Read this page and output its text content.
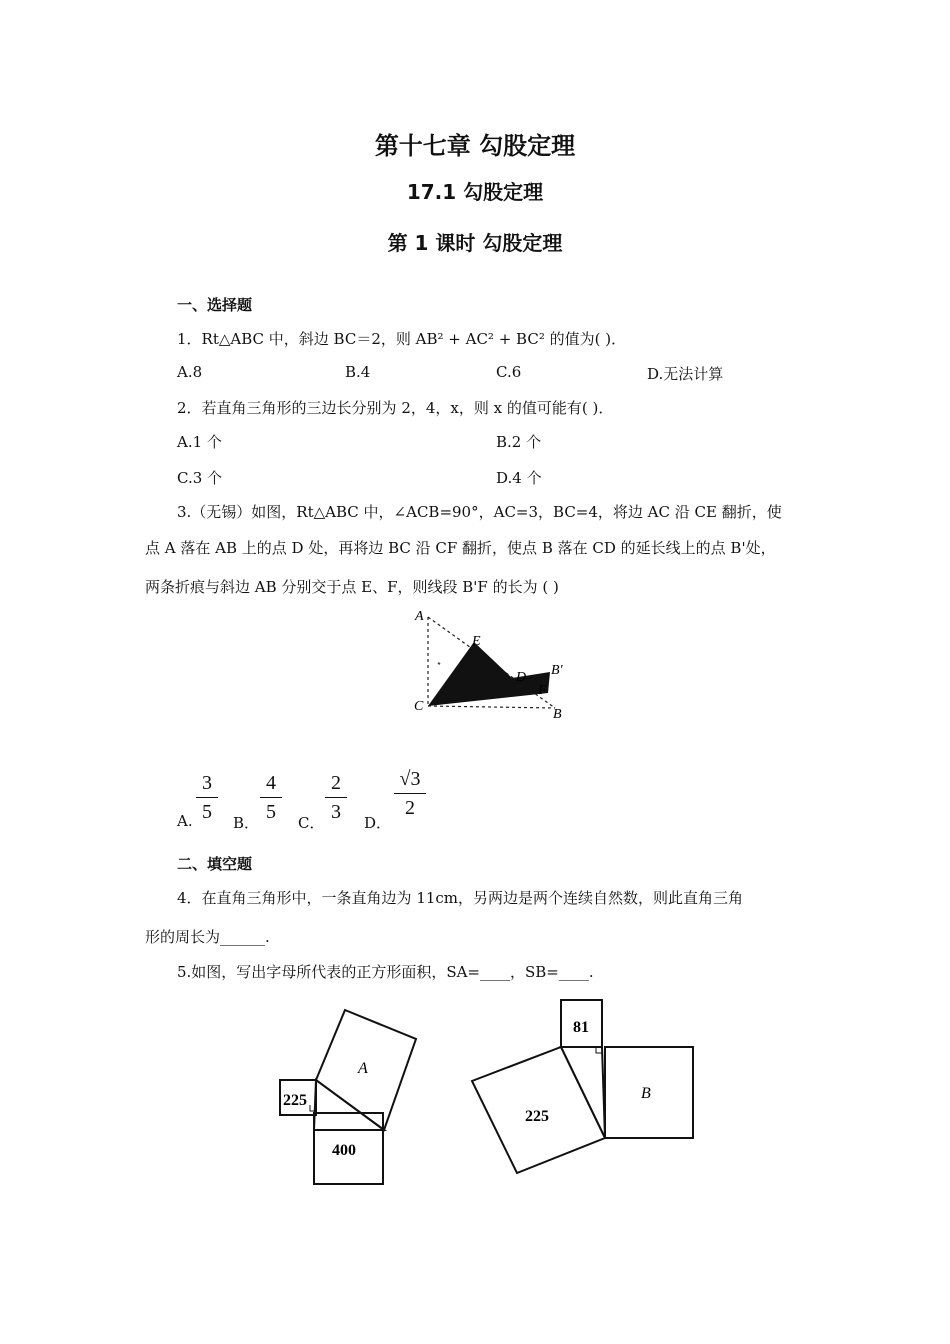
第十七章 勾股定理
17.1 勾股定理
第 1 课时 勾股定理
一、选择题
1．Rt△ABC 中，斜边 BC＝2，则 AB² + AC² + BC² 的值为( )．
A.8	B.4	C.6	D.无法计算
2．若直角三角形的三边长分别为 2，4，x，则 x 的值可能有( )．
A.1 个	B.2 个
C.3 个	D.4 个
3.（无锡）如图，Rt△ABC 中，∠ACB=90°，AC=3，BC=4，将边 AC 沿 CE 翻折，使
点 A 落在 AB 上的点 D 处，再将边 BC 沿 CF 翻折，使点 B 落在 CD 的延长线上的点 B'处，
两条折痕与斜边 AB 分别交于点 E、F，则线段 B'F 的长为 ( )
A
E
D B'
F
C
B
A.
3
5	B．
4
5	C．
2
3	D．
√3
2
二、填空题
4．在直角三角形中，一条直角边为 11cm，另两边是两个连续自然数，则此直角三角
形的周长为______.
5.如图，写出字母所代表的正方形面积，SA=____，SB=____.
A
225
400
81
225
B
